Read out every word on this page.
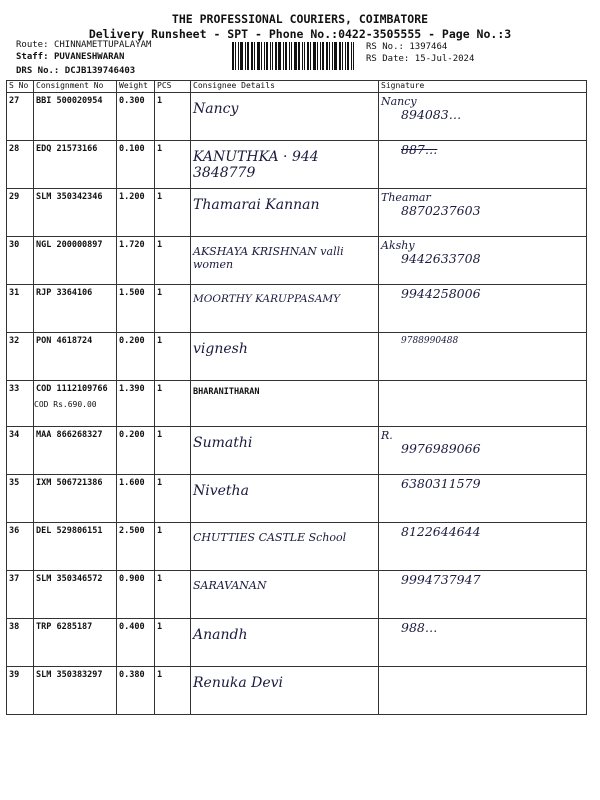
THE PROFESSIONAL COURIERS, COIMBATORE
Delivery Runsheet - SPT - Phone No.:0422-3505555 - Page No.:3
Route: CHINNAMETTUPALAYAM
Staff: PUVANESHWARAN
DRS No.: DCJB139746403
RS No.: 1397464
RS Date: 15-Jul-2024
S No	Consignment No	Weight	PCS	Consignee Details	Signature
27	BBI 500020954	0.300	1	Nancy	Nancy
894083…

28	EDQ 21573166	0.100	1	KANUTHKA · 944 3848779	887…

29	SLM 350342346	1.200	1	Thamarai Kannan	Theamar
8870237603

30	NGL 200000897	1.720	1	AKSHAYA KRISHNAN valli women	Akshy
9442633708

31	RJP 3364106	1.500	1	MOORTHY KARUPPASAMY	9944258006

32	PON 4618724	0.200	1	vignesh	9788990488

33	COD 1112109766
COD Rs.690.00	1.390	1	BHARANITHARAN	

34	MAA 866268327	0.200	1	Sumathi	R.
9976989066

35	IXM 506721386	1.600	1	Nivetha	6380311579

36	DEL 529806151	2.500	1	CHUTTIES CASTLE School	8122644644

37	SLM 350346572	0.900	1	SARAVANAN	9994737947

38	TRP 6285187	0.400	1	Anandh	988…

39	SLM 350383297	0.380	1	Renuka Devi	
